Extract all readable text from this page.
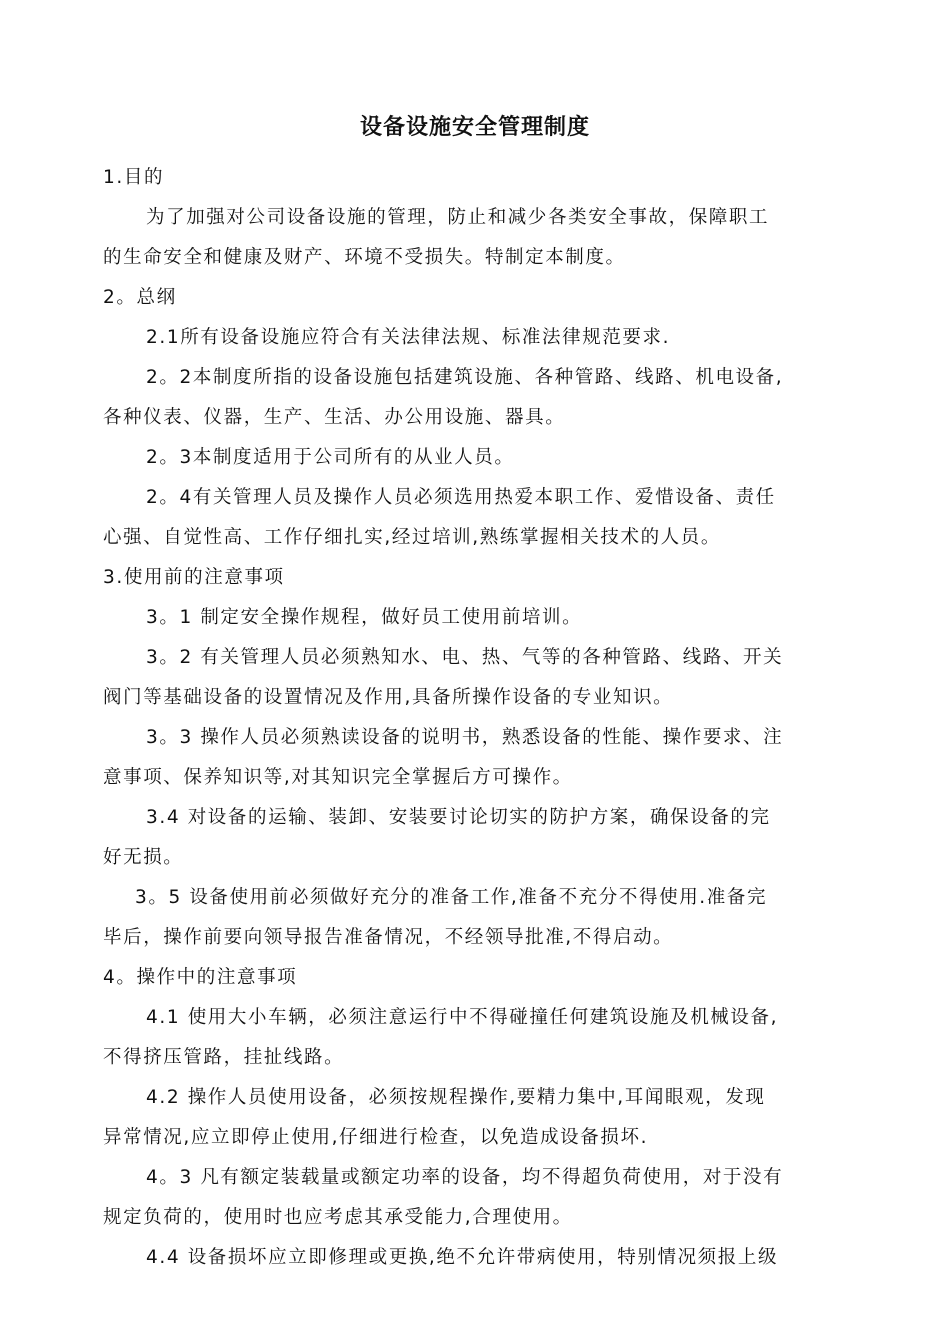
设备设施安全管理制度
1.目的
为了加强对公司设备设施的管理，防止和减少各类安全事故，保障职工
的生命安全和健康及财产、环境不受损失。特制定本制度。
2。总纲
2.1所有设备设施应符合有关法律法规、标准法律规范要求.
2。2本制度所指的设备设施包括建筑设施、各种管路、线路、机电设备,
各种仪表、仪器，生产、生活、办公用设施、器具。
2。3本制度适用于公司所有的从业人员。
2。4有关管理人员及操作人员必须选用热爱本职工作、爱惜设备、责任
心强、自觉性高、工作仔细扎实,经过培训,熟练掌握相关技术的人员。
3.使用前的注意事项
3。1 制定安全操作规程，做好员工使用前培训。
3。2 有关管理人员必须熟知水、电、热、气等的各种管路、线路、开关
阀门等基础设备的设置情况及作用,具备所操作设备的专业知识。
3。3 操作人员必须熟读设备的说明书，熟悉设备的性能、操作要求、注
意事项、保养知识等,对其知识完全掌握后方可操作。
3.4 对设备的运输、装卸、安装要讨论切实的防护方案，确保设备的完
好无损。
3。5 设备使用前必须做好充分的准备工作,准备不充分不得使用.准备完
毕后，操作前要向领导报告准备情况，不经领导批准,不得启动。
4。操作中的注意事项
4.1 使用大小车辆，必须注意运行中不得碰撞任何建筑设施及机械设备,
不得挤压管路，挂扯线路。
4.2 操作人员使用设备，必须按规程操作,要精力集中,耳闻眼观，发现
异常情况,应立即停止使用,仔细进行检查，以免造成设备损坏.
4。3 凡有额定装载量或额定功率的设备，均不得超负荷使用，对于没有
规定负荷的，使用时也应考虑其承受能力,合理使用。
4.4 设备损坏应立即修理或更换,绝不允许带病使用，特别情况须报上级
